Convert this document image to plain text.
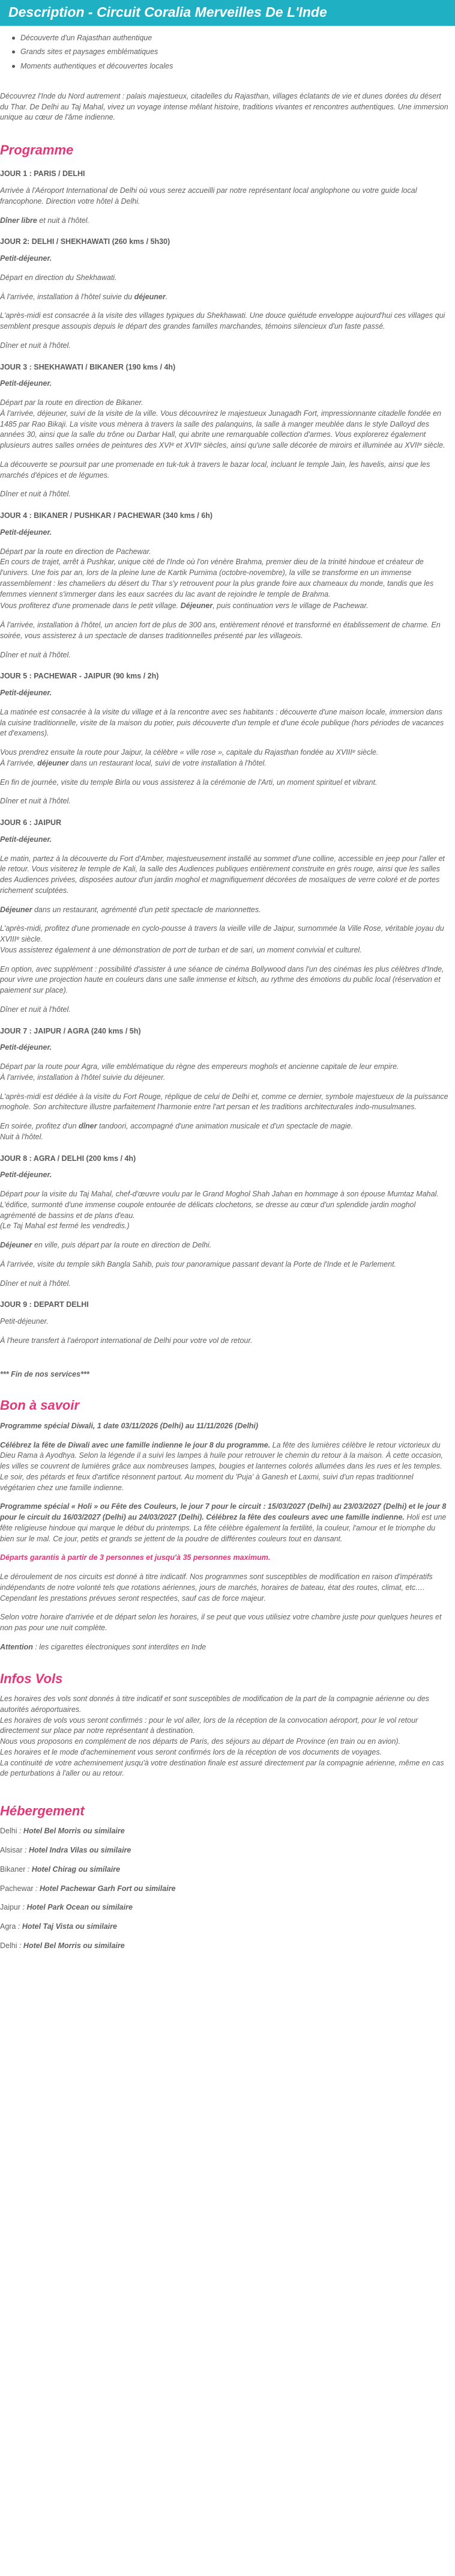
Description - Circuit Coralia Merveilles De L'Inde
Découverte d'un Rajasthan authentique
Grands sites et paysages emblématiques
Moments authentiques et découvertes locales

Découvrez l'Inde du Nord autrement : palais majestueux, citadelles du Rajasthan, villages éclatants de vie et dunes dorées du désert du Thar. De Delhi au Taj Mahal, vivez un voyage intense mêlant histoire, traditions vivantes et rencontres authentiques. Une immersion unique au cœur de l'âme indienne.

Programme
JOUR 1 : PARIS / DELHI

Arrivée à l'Aéroport International de Delhi où vous serez accueilli par notre représentant local anglophone ou votre guide local francophone. Direction votre hôtel à Delhi.

Dîner libre et nuit à l'hôtel.

JOUR 2: DELHI / SHEKHAWATI (260 kms / 5h30)

Petit-déjeuner.

Départ en direction du Shekhawati.

À l'arrivée, installation à l'hôtel suivie du déjeuner.

L'après-midi est consacrée à la visite des villages typiques du Shekhawati. Une douce quiétude enveloppe aujourd'hui ces villages qui semblent presque assoupis depuis le départ des grandes familles marchandes, témoins silencieux d'un faste passé.

Dîner et nuit à l'hôtel.

JOUR 3 : SHEKHAWATI / BIKANER (190 kms / 4h)

Petit-déjeuner.

Départ par la route en direction de Bikaner.
À l'arrivée, déjeuner, suivi de la visite de la ville. Vous découvrirez le majestueux Junagadh Fort, impressionnante citadelle fondée en 1485 par Rao Bikaji. La visite vous mènera à travers la salle des palanquins, la salle à manger meublée dans le style Dalloyd des années 30, ainsi que la salle du trône ou Darbar Hall, qui abrite une remarquable collection d'armes. Vous explorerez également plusieurs autres salles ornées de peintures des XVIᵉ et XVIIᵉ siècles, ainsi qu'une salle décorée de miroirs et illuminée au XVIIᵉ siècle.

La découverte se poursuit par une promenade en tuk-tuk à travers le bazar local, incluant le temple Jain, les havelis, ainsi que les marchés d'épices et de légumes.

Dîner et nuit à l'hôtel.

JOUR 4 : BIKANER / PUSHKAR / PACHEWAR (340 kms / 6h)

Petit-déjeuner.

Départ par la route en direction de Pachewar.
En cours de trajet, arrêt à Pushkar, unique cité de l'Inde où l'on vénère Brahma, premier dieu de la trinité hindoue et créateur de l'univers. Une fois par an, lors de la pleine lune de Kartik Purnima (octobre-novembre), la ville se transforme en un immense rassemblement : les chameliers du désert du Thar s'y retrouvent pour la plus grande foire aux chameaux du monde, tandis que les femmes viennent s'immerger dans les eaux sacrées du lac avant de rejoindre le temple de Brahma.

Vous profiterez d'une promenade dans le petit village. Déjeuner, puis continuation vers le village de Pachewar.

À l'arrivée, installation à l'hôtel, un ancien fort de plus de 300 ans, entièrement rénové et transformé en établissement de charme. En soirée, vous assisterez à un spectacle de danses traditionnelles présenté par les villageois.

Dîner et nuit à l'hôtel.

JOUR 5 : PACHEWAR - JAIPUR (90 kms / 2h)

Petit-déjeuner.

La matinée est consacrée à la visite du village et à la rencontre avec ses habitants : découverte d'une maison locale, immersion dans la cuisine traditionnelle, visite de la maison du potier, puis découverte d'un temple et d'une école publique (hors périodes de vacances et d'examens).

Vous prendrez ensuite la route pour Jaipur, la célèbre « ville rose », capitale du Rajasthan fondée au XVIIIᵉ siècle.

À l'arrivée, déjeuner dans un restaurant local, suivi de votre installation à l'hôtel.

En fin de journée, visite du temple Birla ou vous assisterez à la cérémonie de l'Arti, un moment spirituel et vibrant.

Dîner et nuit à l'hôtel.

JOUR 6 : JAIPUR

Petit-déjeuner.

Le matin, partez à la découverte du Fort d'Amber, majestueusement installé au sommet d'une colline, accessible en jeep pour l'aller et le retour. Vous visiterez le temple de Kali, la salle des Audiences publiques entièrement construite en grès rouge, ainsi que les salles des Audiences privées, disposées autour d'un jardin moghol et magnifiquement décorées de mosaïques de verre coloré et de portes richement sculptées.

Déjeuner dans un restaurant, agrémenté d'un petit spectacle de marionnettes.

L'après-midi, profitez d'une promenade en cyclo-pousse à travers la vieille ville de Jaipur, surnommée la Ville Rose, véritable joyau du XVIIIᵉ siècle.
Vous assisterez également à une démonstration de port de turban et de sari, un moment convivial et culturel.

En option, avec supplément : possibilité d'assister à une séance de cinéma Bollywood dans l'un des cinémas les plus célèbres d'Inde, pour vivre une projection haute en couleurs dans une salle immense et kitsch, au rythme des émotions du public local (réservation et paiement sur place).

Dîner et nuit à l'hôtel.

JOUR 7 : JAIPUR / AGRA (240 kms / 5h)

Petit-déjeuner.

Départ par la route pour Agra, ville emblématique du règne des empereurs moghols et ancienne capitale de leur empire.
À l'arrivée, installation à l'hôtel suivie du déjeuner.

L'après-midi est dédiée à la visite du Fort Rouge, réplique de celui de Delhi et, comme ce dernier, symbole majestueux de la puissance moghole. Son architecture illustre parfaitement l'harmonie entre l'art persan et les traditions architecturales indo-musulmanes.

En soirée, profitez d'un dîner tandoori, accompagné d'une animation musicale et d'un spectacle de magie.
Nuit à l'hôtel.

JOUR 8 : AGRA / DELHI (200 kms / 4h)

Petit-déjeuner.

Départ pour la visite du Taj Mahal, chef-d'œuvre voulu par le Grand Moghol Shah Jahan en hommage à son épouse Mumtaz Mahal. L'édifice, surmonté d'une immense coupole entourée de délicats clochetons, se dresse au cœur d'un splendide jardin moghol agrémenté de bassins et de plans d'eau.
(Le Taj Mahal est fermé les vendredis.)

Déjeuner en ville, puis départ par la route en direction de Delhi.

À l'arrivée, visite du temple sikh Bangla Sahib, puis tour panoramique passant devant la Porte de l'Inde et le Parlement.

Dîner et nuit à l'hôtel.

JOUR 9 : DEPART DELHI

Petit-déjeuner.

À l'heure transfert à l'aéroport international de Delhi pour votre vol de retour.

*** Fin de nos services***

Bon à savoir

Programme spécial Diwali, 1 date 03/11/2026 (Delhi) au 11/11/2026 (Delhi)

Célébrez la fête de Diwali avec une famille indienne le jour 8 du programme. La fête des lumières célèbre le retour victorieux du Dieu Rama à Ayodhya. Selon la légende il a suivi les lampes à huile pour retrouver le chemin du retour à la maison. À cette occasion, les villes se couvrent de lumières grâce aux nombreuses lampes, bougies et lanternes colorés allumées dans les rues et les temples. Le soir, des pétards et feux d'artifice résonnent partout. Au moment du 'Puja' à Ganesh et Laxmi, suivi d'un repas traditionnel végétarien chez une famille indienne.

Programme spécial « Holi » ou Fête des Couleurs, le jour 7 pour le circuit : 15/03/2027 (Delhi) au 23/03/2027 (Delhi) et le jour 8 pour le circuit du 16/03/2027 (Delhi) au 24/03/2027 (Delhi). Célébrez la fête des couleurs avec une famille indienne. Holi est une fête religieuse hindoue qui marque le début du printemps. La fête célèbre également la fertilité, la couleur, l'amour et le triomphe du bien sur le mal. Ce jour, petits et grands se jettent de la poudre de différentes couleurs tout en dansant.

Départs garantis à partir de 3 personnes et jusqu'à 35 personnes maximum.

Le déroulement de nos circuits est donné à titre indicatif. Nos programmes sont susceptibles de modification en raison d'impératifs indépendants de notre volonté tels que rotations aériennes, jours de marchés, horaires de bateau, état des routes, climat, etc.… Cependant les prestations prévues seront respectées, sauf cas de force majeur.

Selon votre horaire d'arrivée et de départ selon les horaires, il se peut que vous utilisiez votre chambre juste pour quelques heures et non pas pour une nuit complète.

Attention : les cigarettes électroniques sont interdites en Inde

Infos Vols

Les horaires des vols sont donnés à titre indicatif et sont susceptibles de modification de la part de la compagnie aérienne ou des autorités aéroportuaires.
Les horaires de vols vous seront confirmés : pour le vol aller, lors de la réception de la convocation aéroport, pour le vol retour directement sur place par notre représentant à destination.
Nous vous proposons en complément de nos départs de Paris, des séjours au départ de Province (en train ou en avion).
Les horaires et le mode d'acheminement vous seront confirmés lors de la réception de vos documents de voyages.
La continuité de votre acheminement jusqu'à votre destination finale est assuré directement par la compagnie aérienne, même en cas de perturbations à l'aller ou au retour.

Hébergement

Delhi : Hotel Bel Morris ou similaire

Alsisar : Hotel Indra Vilas ou similaire

Bikaner : Hotel Chirag ou similaire

Pachewar : Hotel Pachewar Garh Fort ou similaire

Jaipur : Hotel Park Ocean ou similaire

Agra : Hotel Taj Vista ou similaire

Delhi : Hotel Bel Morris ou similaire
